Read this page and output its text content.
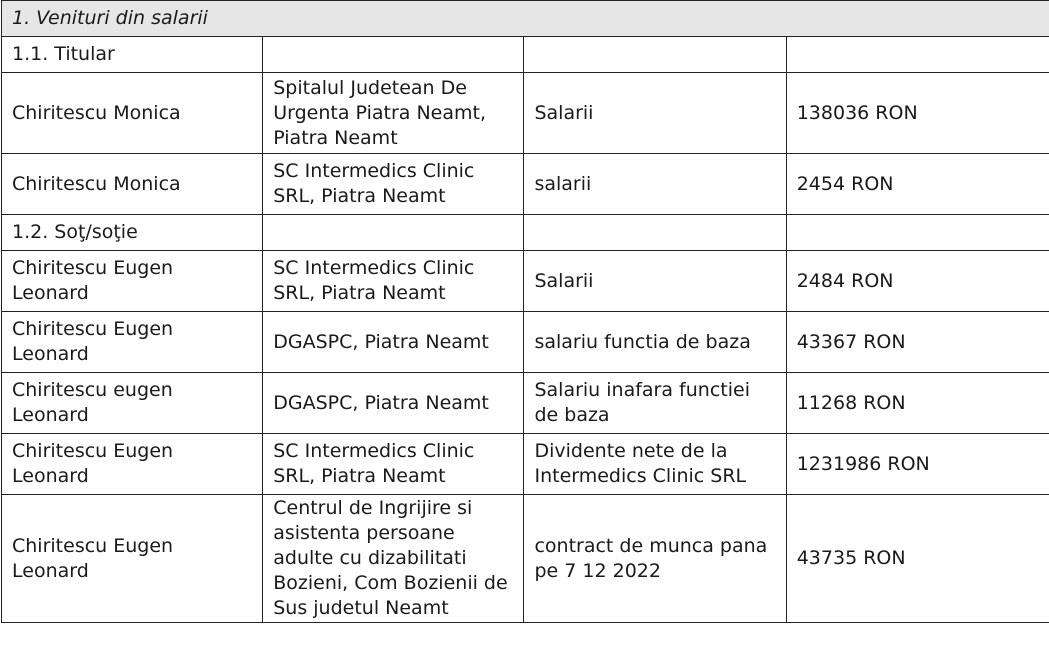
1. Venituri din salarii			
1.1. Titular			
Chiritescu Monica	Spitalul Judetean De Urgenta Piatra Neamt, Piatra Neamt	Salarii	138036 RON
Chiritescu Monica	SC Intermedics Clinic SRL, Piatra Neamt	salarii	2454 RON
1.2. Soţ/soţie			
Chiritescu Eugen Leonard	SC Intermedics Clinic SRL, Piatra Neamt	Salarii	2484 RON
Chiritescu Eugen Leonard	DGASPC, Piatra Neamt	salariu functia de baza	43367 RON
Chiritescu eugen Leonard	DGASPC, Piatra Neamt	Salariu inafara functiei de baza	11268 RON
Chiritescu Eugen Leonard	SC Intermedics Clinic SRL, Piatra Neamt	Dividente nete de la Intermedics Clinic SRL	1231986 RON
Chiritescu Eugen Leonard	Centrul de Ingrijire si asistenta persoane adulte cu dizabilitati Bozieni, Com Bozienii de Sus judetul Neamt	contract de munca pana pe 7 12 2022	43735 RON
